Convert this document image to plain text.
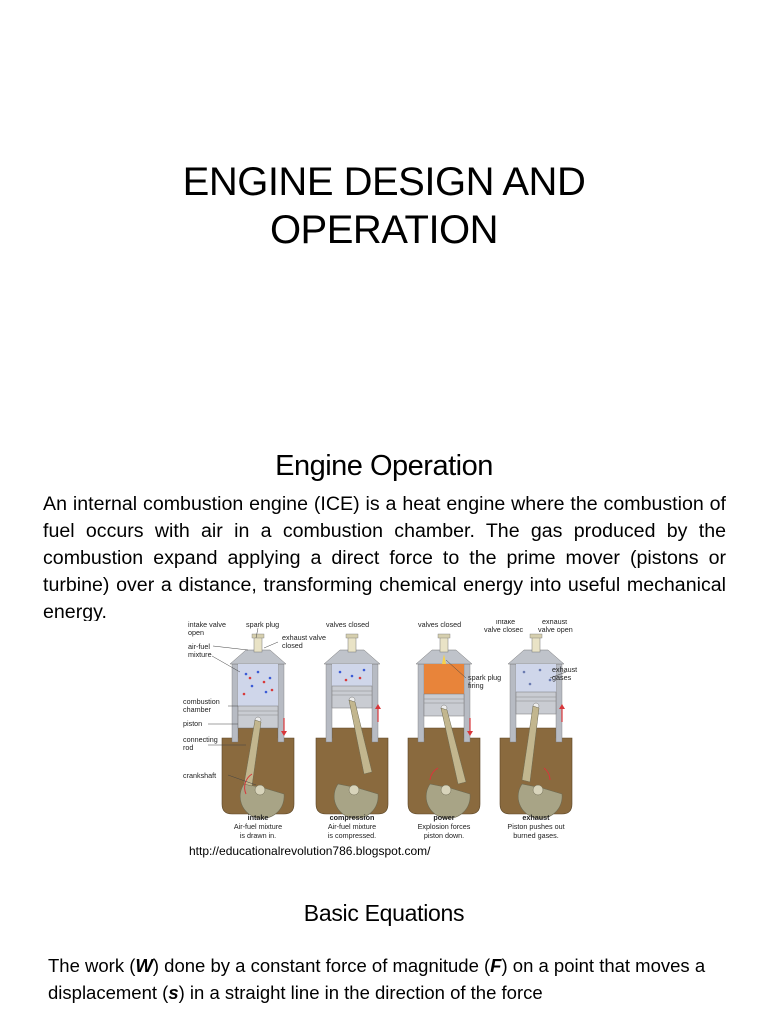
ENGINE DESIGN AND
OPERATION
Engine Operation

An internal combustion engine (ICE) is a heat engine where the combustion of fuel occurs with air in a combustion chamber. The gas produced by the combustion expand applying a direct force to the prime mover (pistons or turbine) over a distance, transforming chemical energy into useful mechanical energy.

intake valve
open
spark plug
exhaust valve
closed
air-fuel
mixture
combustion
chamber
piston
connecting
rod
crankshaft
valves closed	valves closed
spark plug
firing
intake
valve closec
exhaust
valve open
exhaust
gases
intake
Air-fuel mixture
is drawn in.
compression
Air-fuel mixture
is compressed.
power
Explosion forces
piston down.
exhaust
Piston pushes out
burned gases.
http://educationalrevolution786.blogspot.com/
Basic Equations

The work (W) done by a constant force of magnitude (F) on a point that moves a displacement (s) in a straight line in the direction of the force
